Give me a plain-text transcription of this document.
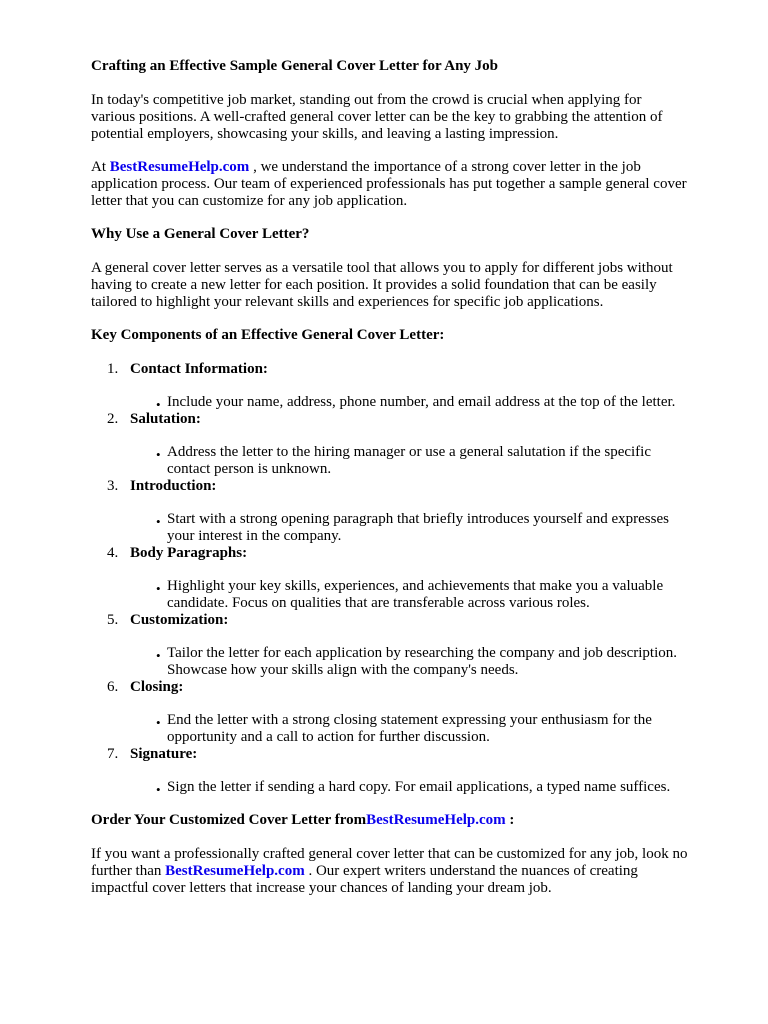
Crafting an Effective Sample General Cover Letter for Any Job

In today's competitive job market, standing out from the crowd is crucial when applying for various positions. A well-crafted general cover letter can be the key to grabbing the attention of potential employers, showcasing your skills, and leaving a lasting impression.

At BestResumeHelp.com , we understand the importance of a strong cover letter in the job application process. Our team of experienced professionals has put together a sample general cover letter that you can customize for any job application.

Why Use a General Cover Letter?

A general cover letter serves as a versatile tool that allows you to apply for different jobs without having to create a new letter for each position. It provides a solid foundation that can be easily tailored to highlight your relevant skills and experiences for specific job applications.

Key Components of an Effective General Cover Letter:
1. Contact Information:
• Include your name, address, phone number, and email address at the top of the letter.
2. Salutation:
• Address the letter to the hiring manager or use a general salutation if the specific contact person is unknown.
3. Introduction:
• Start with a strong opening paragraph that briefly introduces yourself and expresses your interest in the company.
4. Body Paragraphs:
• Highlight your key skills, experiences, and achievements that make you a valuable candidate. Focus on qualities that are transferable across various roles.
5. Customization:
• Tailor the letter for each application by researching the company and job description. Showcase how your skills align with the company's needs.
6. Closing:
• End the letter with a strong closing statement expressing your enthusiasm for the opportunity and a call to action for further discussion.
7. Signature:
• Sign the letter if sending a hard copy. For email applications, a typed name suffices.
Order Your Customized Cover Letter fromBestResumeHelp.com :

If you want a professionally crafted general cover letter that can be customized for any job, look no further than BestResumeHelp.com . Our expert writers understand the nuances of creating impactful cover letters that increase your chances of landing your dream job.
